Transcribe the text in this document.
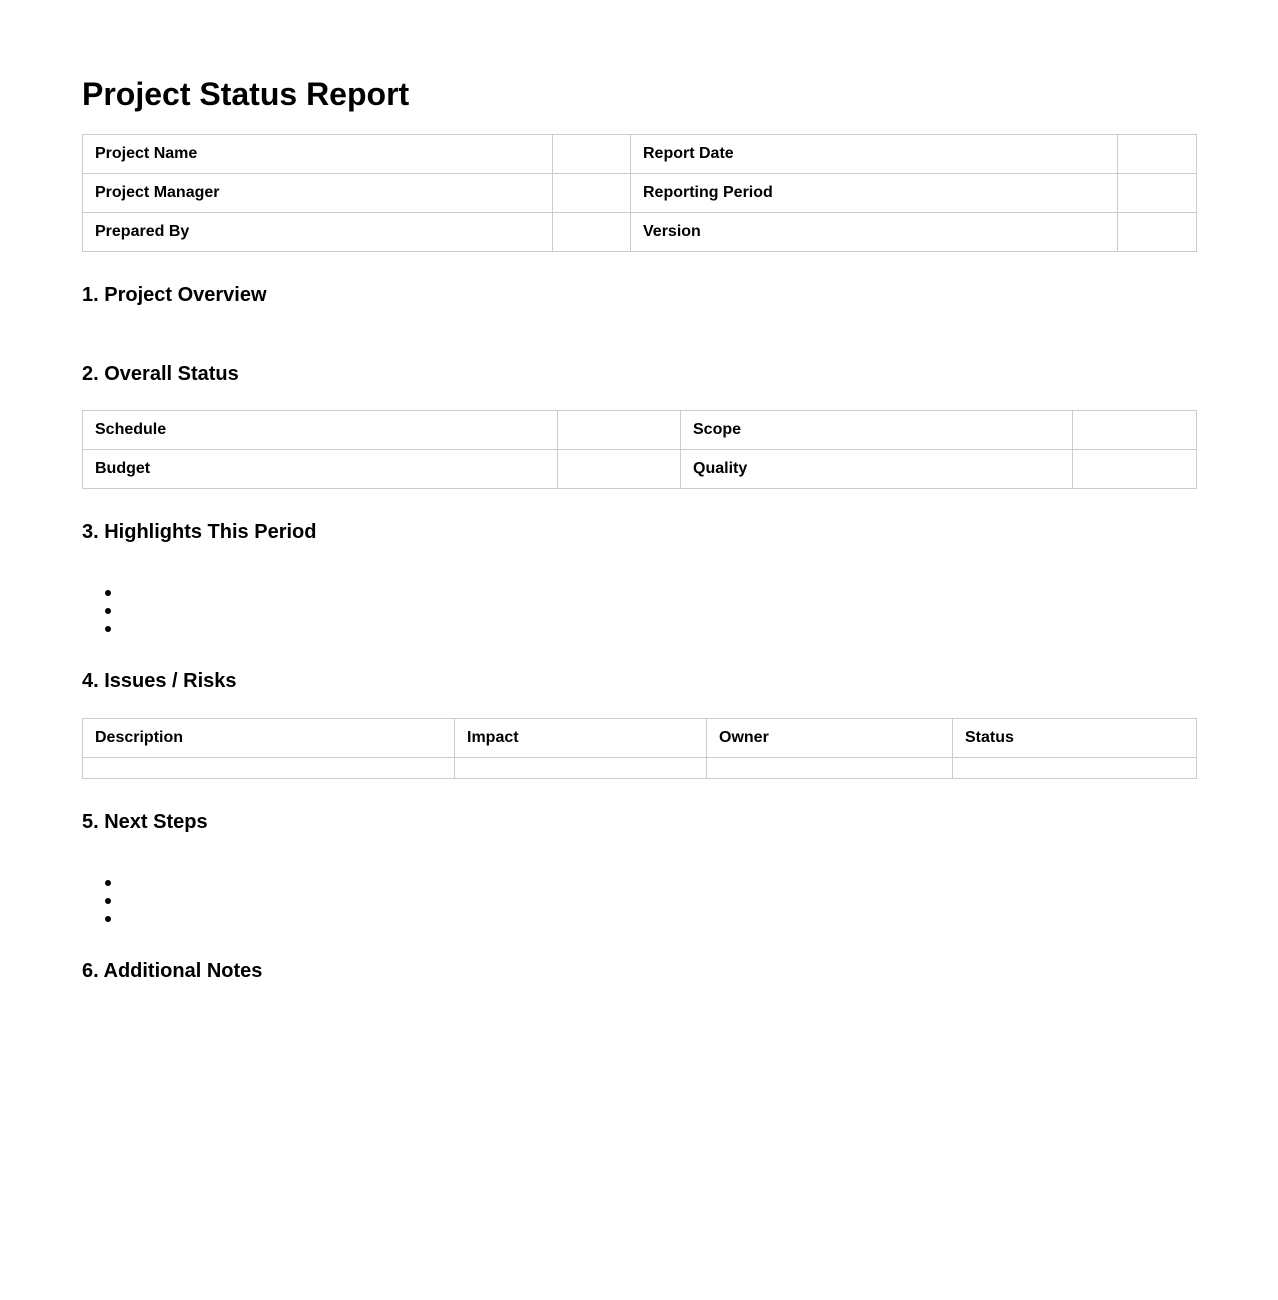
Project Status Report
Project Name		Report Date	
Project Manager		Reporting Period	
Prepared By		Version	
1. Project Overview
2. Overall Status
Schedule		Scope	
Budget		Quality	
3. Highlights This Period
4. Issues / Risks
Description	Impact	Owner	Status

5. Next Steps
6. Additional Notes
